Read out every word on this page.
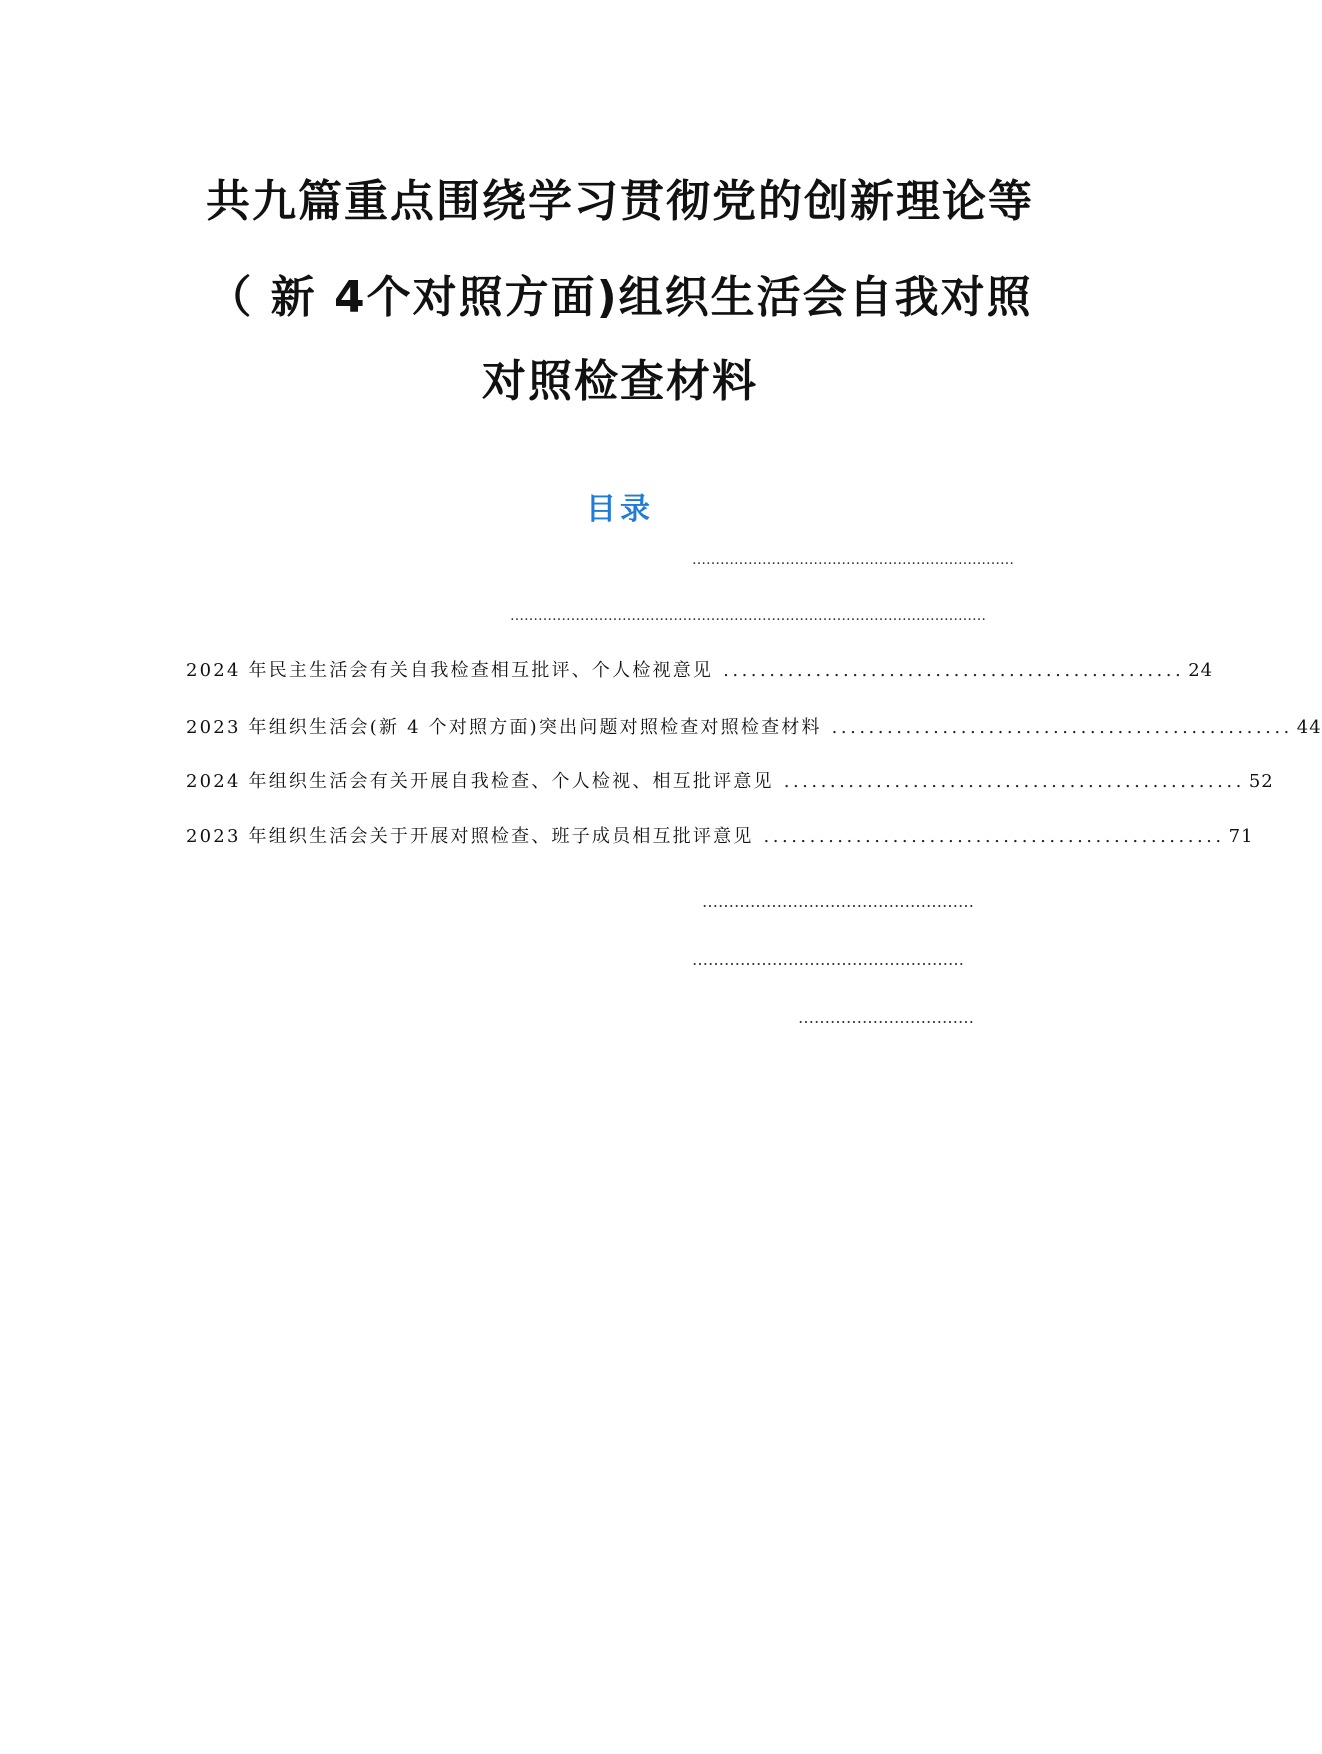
共九篇重点围绕学习贯彻党的创新理论等
（ 新 4个对照方面)组织生活会自我对照
对照检查材料
目录
……………………………………………………………
…………………………………………………………………………………………
2024 年民主生活会有关自我检查相互批评、个人检视意见 .................................................. 24
2023 年组织生活会(新 4 个对照方面)突出问题对照检查对照检查材料 .................................................. 44
2024 年组织生活会有关开展自我检查、个人检视、相互批评意见 .................................................. 52
2023 年组织生活会关于开展对照检查、班子成员相互批评意见 .................................................. 71
……………………………………………
……………………………………………
……………………………
